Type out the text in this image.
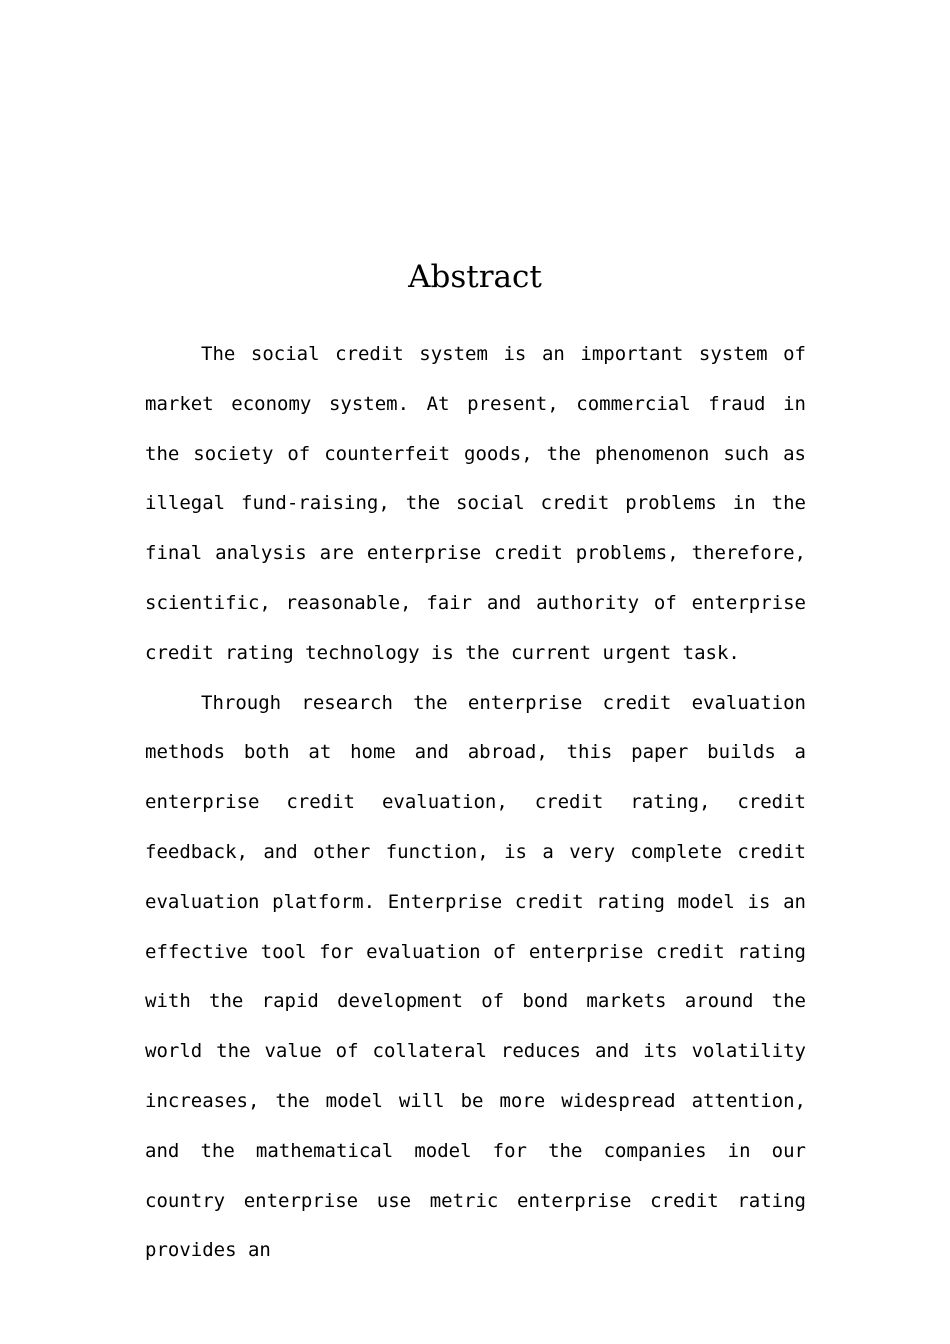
Abstract

The social credit system is an important system of market economy system. At present, commercial fraud in the society of counterfeit goods, the phenomenon such as illegal fund-raising, the social credit problems in the final analysis are enterprise credit problems, therefore, scientific, reasonable, fair and authority of enterprise credit rating technology is the current urgent task.

Through research the enterprise credit evaluation methods both at home and abroad, this paper builds a enterprise credit evaluation, credit rating, credit feedback, and other function, is a very complete credit evaluation platform. Enterprise credit rating model is an effective tool for evaluation of enterprise credit rating with the rapid development of bond markets around the world the value of collateral reduces and its volatility increases, the model will be more widespread attention, and the mathematical model for the companies in our country enterprise use metric enterprise credit rating provides an
